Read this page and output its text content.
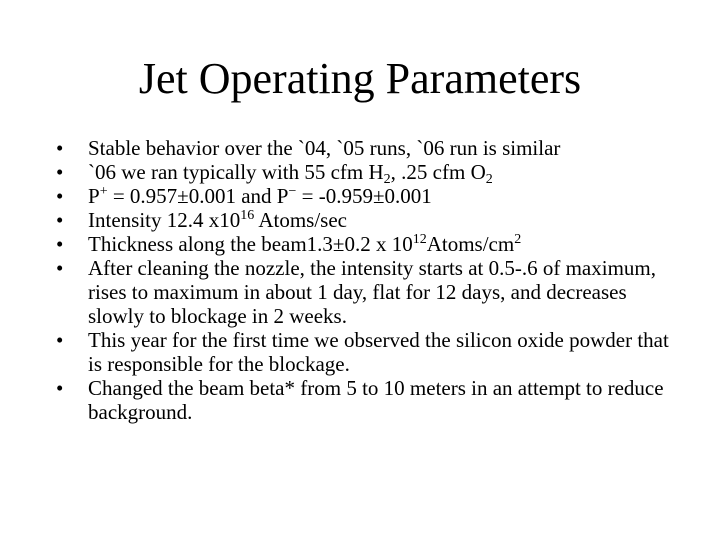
Jet Operating Parameters
•	Stable behavior over the `04, `05 runs, `06 run is similar
•	`06 we ran typically with 55 cfm $H_2$, .25 cfm $O_2$
•	P+ = 0.957±0.001 and P− = -0.959±0.001
•	Intensity 12.4 $x10^{16}$ Atoms/sec
•	Thickness along the beam1.3±0.2 x $10^{12}Atoms/cm^2$
•	After cleaning the nozzle, the intensity starts at 0.5-.6 of maximum, rises to maximum in about 1 day, flat for 12 days, and decreases slowly to blockage in 2 weeks.
•	This year for the first time we observed the silicon oxide powder that is responsible for the blockage.
•	Changed the beam beta* from 5 to 10 meters in an attempt to reduce background.
